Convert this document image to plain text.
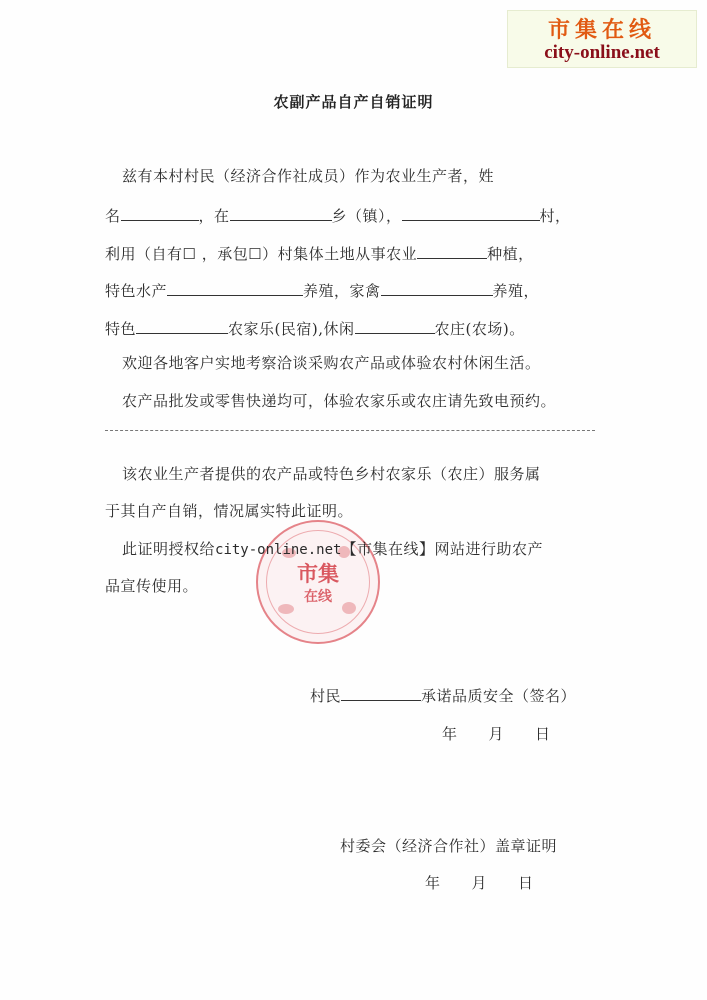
市集在线
city-online.net
农副产品自产自销证明
兹有本村村民（经济合作社成员）作为农业生产者，姓
名	，在	乡（镇），	村，
利用（自有☐ ，承包☐）村集体土地从事农业	种植，
特色水产	养殖，家禽	养殖，
特色	农家乐(民宿),休闲	农庄(农场)。
欢迎各地客户实地考察洽谈采购农产品或体验农村休闲生活。
农产品批发或零售快递均可，体验农家乐或农庄请先致电预约。
市集
在线
该农业生产者提供的农产品或特色乡村农家乐（农庄）服务属
于其自产自销，情况属实特此证明。
此证明授权给city-online.net【市集在线】网站进行助农产
品宣传使用。
村民	承诺品质安全（签名）
年　　月　　日
村委会（经济合作社）盖章证明
年　　月　　日
